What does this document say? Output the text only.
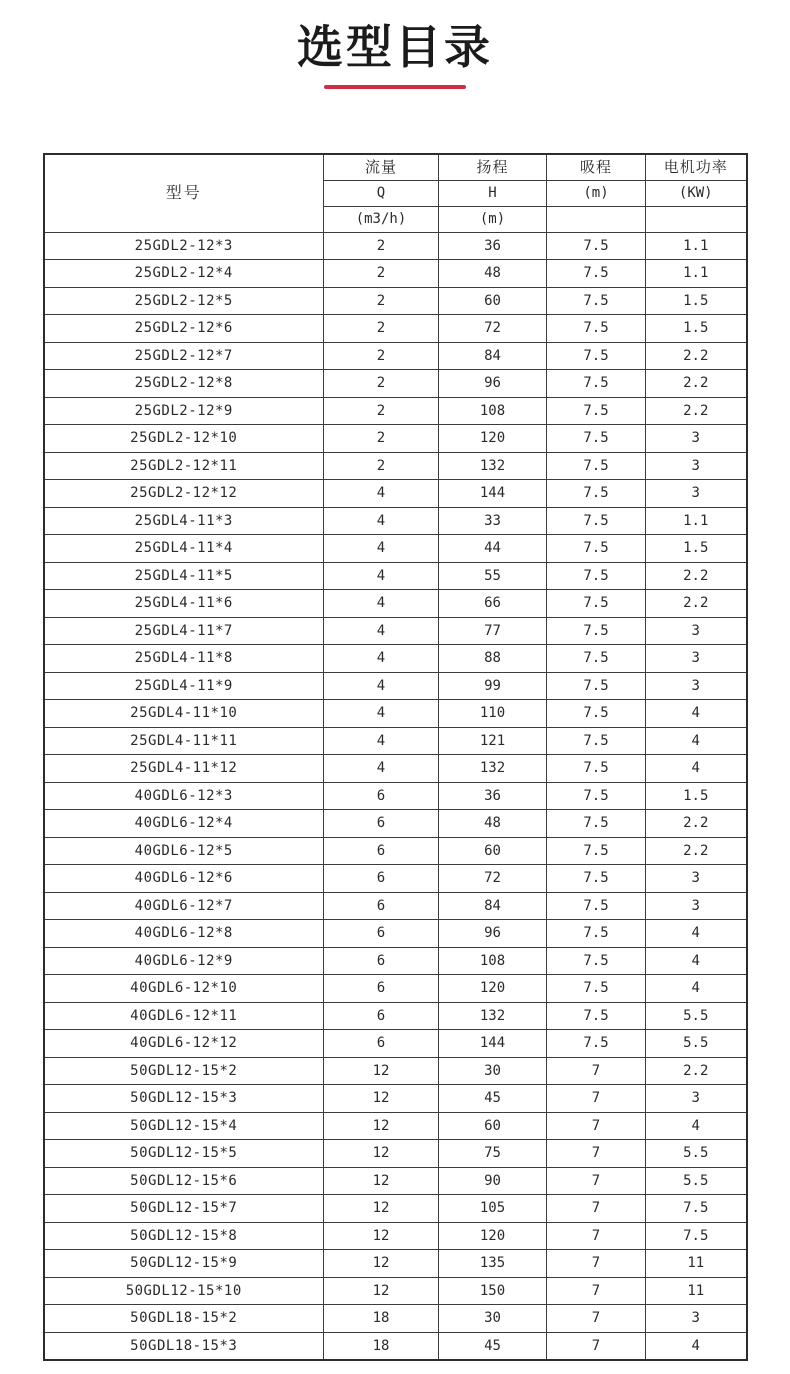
选型目录
型号	流量	扬程	吸程	电机功率
	Q	H	(m)	(KW)
	(m3/h)	(m)		
25GDL2-12*3	2	36	7.5	1.1
25GDL2-12*4	2	48	7.5	1.1
25GDL2-12*5	2	60	7.5	1.5
25GDL2-12*6	2	72	7.5	1.5
25GDL2-12*7	2	84	7.5	2.2
25GDL2-12*8	2	96	7.5	2.2
25GDL2-12*9	2	108	7.5	2.2
25GDL2-12*10	2	120	7.5	3
25GDL2-12*11	2	132	7.5	3
25GDL2-12*12	4	144	7.5	3
25GDL4-11*3	4	33	7.5	1.1
25GDL4-11*4	4	44	7.5	1.5
25GDL4-11*5	4	55	7.5	2.2
25GDL4-11*6	4	66	7.5	2.2
25GDL4-11*7	4	77	7.5	3
25GDL4-11*8	4	88	7.5	3
25GDL4-11*9	4	99	7.5	3
25GDL4-11*10	4	110	7.5	4
25GDL4-11*11	4	121	7.5	4
25GDL4-11*12	4	132	7.5	4
40GDL6-12*3	6	36	7.5	1.5
40GDL6-12*4	6	48	7.5	2.2
40GDL6-12*5	6	60	7.5	2.2
40GDL6-12*6	6	72	7.5	3
40GDL6-12*7	6	84	7.5	3
40GDL6-12*8	6	96	7.5	4
40GDL6-12*9	6	108	7.5	4
40GDL6-12*10	6	120	7.5	4
40GDL6-12*11	6	132	7.5	5.5
40GDL6-12*12	6	144	7.5	5.5
50GDL12-15*2	12	30	7	2.2
50GDL12-15*3	12	45	7	3
50GDL12-15*4	12	60	7	4
50GDL12-15*5	12	75	7	5.5
50GDL12-15*6	12	90	7	5.5
50GDL12-15*7	12	105	7	7.5
50GDL12-15*8	12	120	7	7.5
50GDL12-15*9	12	135	7	11
50GDL12-15*10	12	150	7	11
50GDL18-15*2	18	30	7	3
50GDL18-15*3	18	45	7	4
